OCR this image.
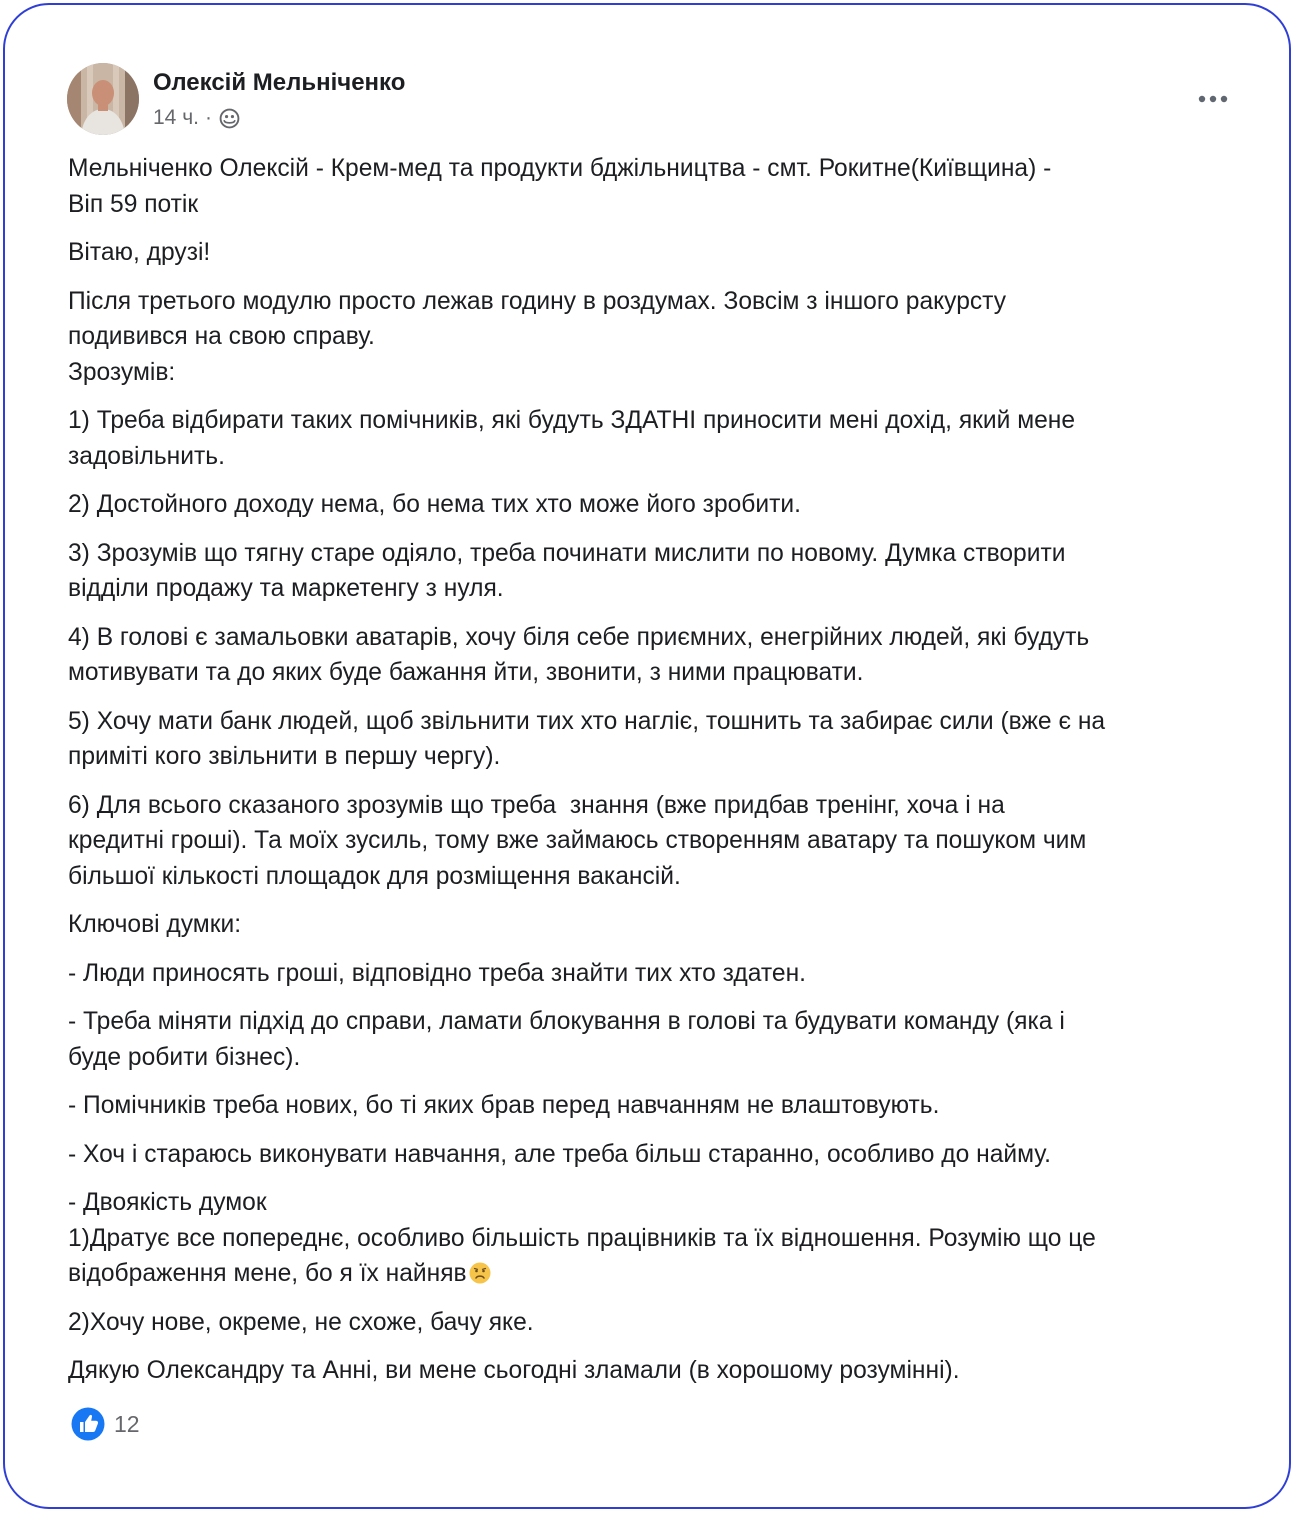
Олексій Мельніченко
14 ч. ·

Мельніченко Олексій - Крем-мед та продукти бджільництва - смт. Рокитне(Київщина) -
Віп 59 потік

Вітаю, друзі!

Після третього модулю просто лежав годину в роздумах. Зовсім з іншого ракурсту
подивився на свою справу.
Зрозумів:

1) Треба відбирати таких помічників, які будуть ЗДАТНІ приносити мені дохід, який мене
задовільнить.

2) Достойного доходу нема, бо нема тих хто може його зробити.

3) Зрозумів що тягну старе одіяло, треба починати мислити по новому. Думка створити
відділи продажу та маркетенгу з нуля.

4) В голові є замальовки аватарів, хочу біля себе приємних, енегрійних людей, які будуть
мотивувати та до яких буде бажання йти, звонити, з ними працювати.

5) Хочу мати банк людей, щоб звільнити тих хто нагліє, тошнить та забирає сили (вже є на
приміті кого звільнити в першу чергу).

6) Для всього сказаного зрозумів що треба  знання (вже придбав тренінг, хоча і на
кредитні гроші). Та моїх зусиль, тому вже займаюсь створенням аватару та пошуком чим
більшої кількості площадок для розміщення вакансій.

Ключові думки:

- Люди приносять гроші, відповідно треба знайти тих хто здатен.

- Треба міняти підхід до справи, ламати блокування в голові та будувати команду (яка і
буде робити бізнес).

- Помічників треба нових, бо ті яких брав перед навчанням не влаштовують.

- Хоч і стараюсь виконувати навчання, але треба більш старанно, особливо до найму.

- Двоякість думок
1)Дратує все попереднє, особливо більшість працівників та їх відношення. Розумію що це
відображення мене, бо я їх найняв

2)Хочу нове, окреме, не схоже, бачу яке.

Дякую Олександру та Анні, ви мене сьогодні зламали (в хорошому розумінні).

12
